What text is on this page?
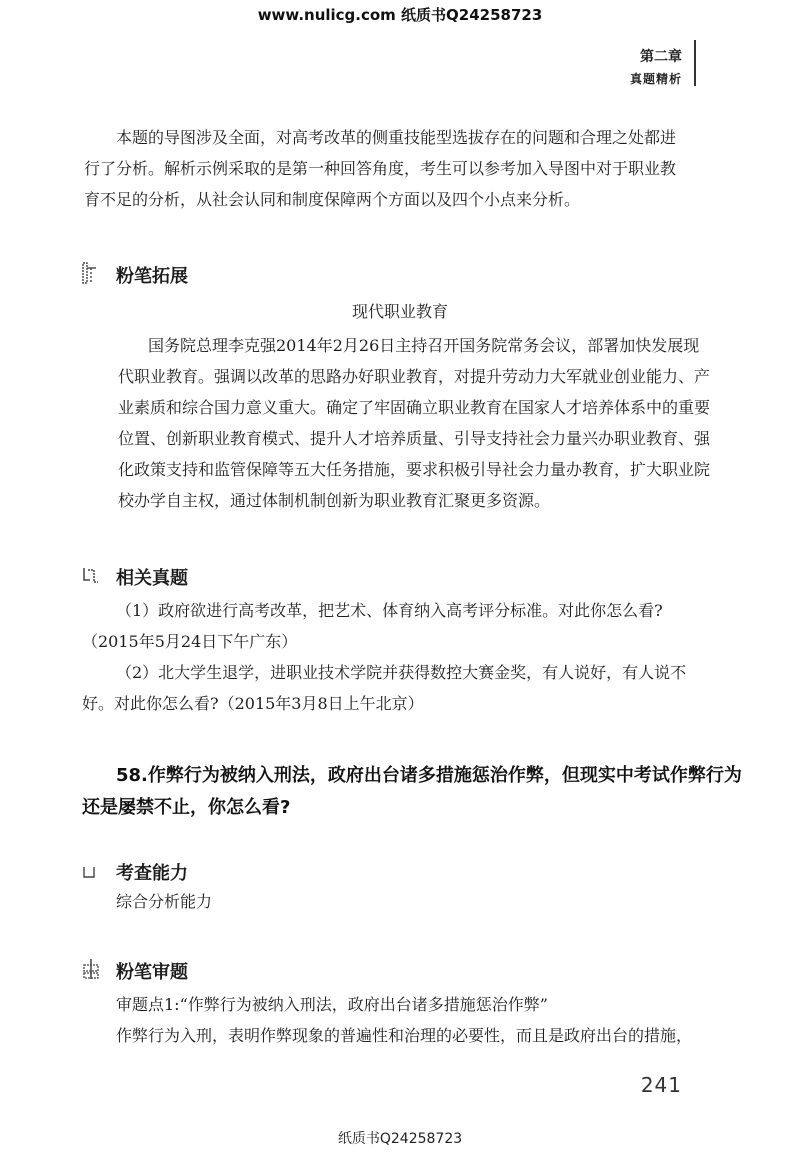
www.nulicg.com 纸质书Q24258723
第二章
真题精析
本题的导图涉及全面，对高考改革的侧重技能型选拔存在的问题和合理之处都进
行了分析。解析示例采取的是第一种回答角度，考生可以参考加入导图中对于职业教
育不足的分析，从社会认同和制度保障两个方面以及四个小点来分析。
粉笔拓展
现代职业教育
国务院总理李克强2014年2月26日主持召开国务院常务会议，部署加快发展现
代职业教育。强调以改革的思路办好职业教育，对提升劳动力大军就业创业能力、产
业素质和综合国力意义重大。确定了牢固确立职业教育在国家人才培养体系中的重要
位置、创新职业教育模式、提升人才培养质量、引导支持社会力量兴办职业教育、强
化政策支持和监管保障等五大任务措施，要求积极引导社会力量办教育，扩大职业院
校办学自主权，通过体制机制创新为职业教育汇聚更多资源。
相关真题
（1）政府欲进行高考改革，把艺术、体育纳入高考评分标准。对此你怎么看?
（2015年5月24日下午广东）
（2）北大学生退学，进职业技术学院并获得数控大赛金奖，有人说好，有人说不
好。对此你怎么看?（2015年3月8日上午北京）
58.作弊行为被纳入刑法，政府出台诸多措施惩治作弊，但现实中考试作弊行为
还是屡禁不止，你怎么看?
考查能力
综合分析能力
粉笔审题
审题点1:“作弊行为被纳入刑法，政府出台诸多措施惩治作弊”
作弊行为入刑，表明作弊现象的普遍性和治理的必要性，而且是政府出台的措施，
241
纸质书Q24258723
